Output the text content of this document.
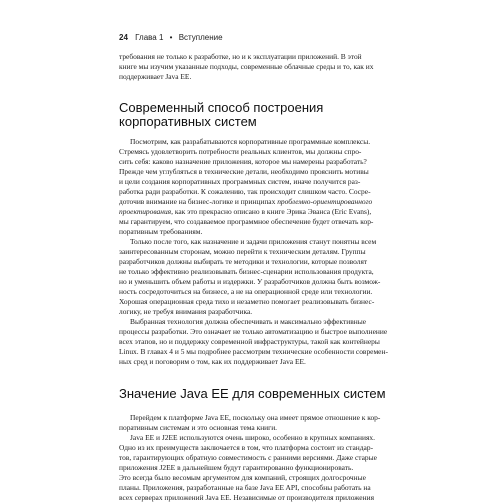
24 Глава 1 • Вступление

требования не только к разработке, но и к эксплуатации приложений. В этой

книге мы изучим указанные подходы, современные облачные среды и то, как их

поддерживает Java EE.

Современный способ построения
корпоративных систем

Посмотрим, как разрабатываются корпоративные программные комплексы.

Стремясь удовлетворить потребности реальных клиентов, мы должны спро-

сить себя: каково назначение приложения, которое мы намерены разработать?

Прежде чем углубляться в технические детали, необходимо прояснить мотивы

и цели создания корпоративных программных систем, иначе получится раз-

работка ради разработки. К сожалению, так происходит слишком часто. Сосре-

доточив внимание на бизнес-логике и принципах проблемно-ориентированного

проектирования, как это прекрасно описано в книге Эрика Эванса (Eric Evans),

мы гарантируем, что создаваемое программное обеспечение будет отвечать кор-

поративным требованиям.

Только после того, как назначение и задачи приложения станут понятны всем

заинтересованным сторонам, можно перейти к техническим деталям. Группы

разработчиков должны выбирать те методики и технологии, которые позволят

не только эффективно реализовывать бизнес-сценарии использования продукта,

но и уменьшить объем работы и издержки. У разработчиков должна быть возмож-

ность сосредоточиться на бизнесе, а не на операционной среде или технологии.

Хорошая операционная среда тихо и незаметно помогает реализовывать бизнес-

логику, не требуя внимания разработчика.

Выбранная технология должна обеспечивать и максимально эффективные

процессы разработки. Это означает не только автоматизацию и быстрое выполнение

всех этапов, но и поддержку современной инфраструктуры, такой как контейнеры

Linux. В главах 4 и 5 мы подробнее рассмотрим технические особенности современ-

ных сред и поговорим о том, как их поддерживает Java EE.

Значение Java EE для современных систем

Перейдем к платформе Java EE, поскольку она имеет прямое отношение к кор-

поративным системам и это основная тема книги.

Java EE и J2EE используются очень широко, особенно в крупных компаниях.

Одно из их преимуществ заключается в том, что платформа состоит из стандар-

тов, гарантирующих обратную совместимость с ранними версиями. Даже старые

приложения J2EE в дальнейшем будут гарантированно функционировать.

Это всегда было весомым аргументом для компаний, строящих долгосрочные

планы. Приложения, разработанные на базе Java EE API, способны работать на

всех серверах приложений Java EE. Независимые от производителя приложения
